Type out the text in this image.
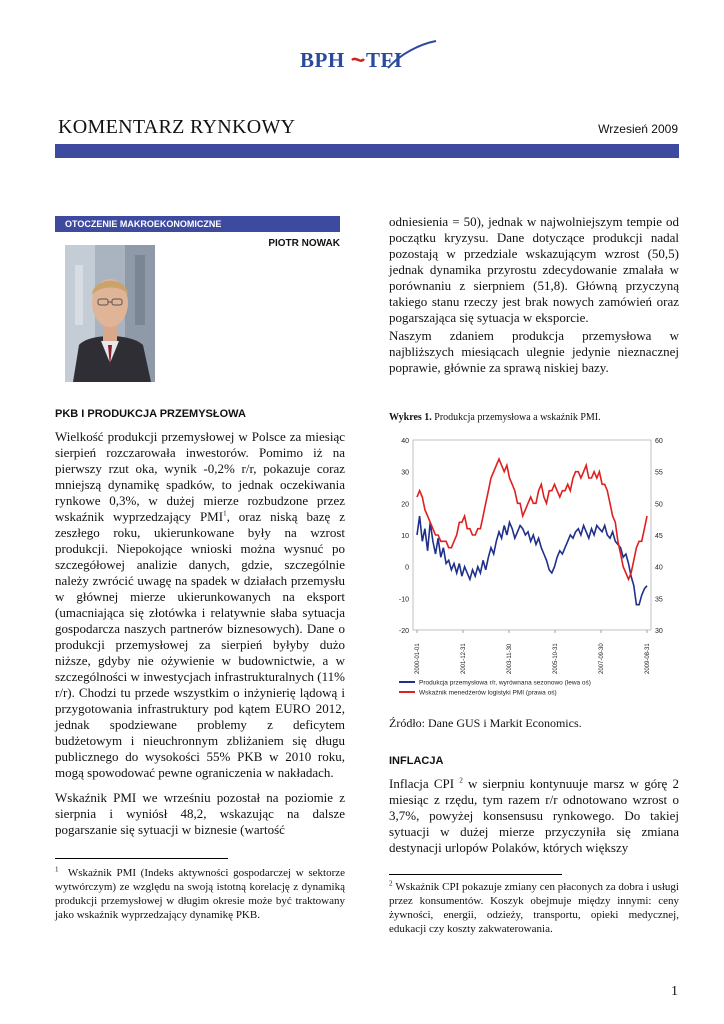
BPH TFI
KOMENTARZ RYNKOWY	Wrzesień 2009
OTOCZENIE MAKROEKONOMICZNE
PIOTR NOWAK
PKB I PRODUKCJA PRZEMYSŁOWA

Wielkość produkcji przemysłowej w Polsce za miesiąc sierpień rozczarowała inwestorów. Pomimo iż na pierwszy rzut oka, wynik -0,2% r/r, pokazuje coraz mniejszą dynamikę spadków, to jednak oczekiwania rynkowe 0,3%, w dużej mierze rozbudzone przez wskaźnik wyprzedzający PMI$^1$, oraz niską bazę z zeszłego roku, ukierunkowane były na wzrost produkcji. Niepokojące wnioski można wysnuć po szczegółowej analizie danych, gdzie, szczególnie należy zwrócić uwagę na spadek w działach przemysłu w głównej mierze ukierunkowanych na eksport (umacniająca się złotówka i relatywnie słaba sytuacja gospodarcza naszych partnerów biznesowych). Dane o produkcji przemysłowej za sierpień byłyby dużo niższe, gdyby nie ożywienie w budownictwie, a w szczególności w inwestycjach infrastrukturalnych (11% r/r). Chodzi tu przede wszystkim o inżynierię lądową i przygotowania infrastruktury pod kątem EURO 2012, jednak spodziewane problemy z deficytem budżetowym i nieuchronnym zbliżaniem się długu publicznego do wysokości 55% PKB w 2010 roku, mogą spowodować pewne ograniczenia w nakładach.

Wskaźnik PMI we wrześniu pozostał na poziomie z sierpnia i wyniósł 48,2, wskazując na dalsze pogarszanie się sytuacji w biznesie (wartość

$^1$ Wskaźnik PMI (Indeks aktywności gospodarczej w sektorze wytwórczym) ze względu na swoją istotną korelację z dynamiką produkcji przemysłowej w długim okresie może być traktowany jako wskaźnik wyprzedzający dynamikę PKB.

odniesienia = 50), jednak w najwolniejszym tempie od początku kryzysu. Dane dotyczące produkcji nadal pozostają w przedziale wskazującym wzrost (50,5) jednak dynamika przyrostu zdecydowanie zmalała w porównaniu z sierpniem (51,8). Główną przyczyną takiego stanu rzeczy jest brak nowych zamówień oraz pogarszająca się sytuacja w eksporcie.

Naszym zdaniem produkcja przemysłowa w najbliższych miesiącach ulegnie jedynie nieznacznej poprawie, głównie za sprawą niskiej bazy.

Wykres 1. Produkcja przemysłowa a wskaźnik PMI.
40
30
20
10
0
-10
-20
60
55
50
45
40
35
30
2000-01-01	2001-12-31	2003-11-30	2005-10-31	2007-09-30	2009-08-31
Produkcja przemysłowa r/r, wyrównana sezonowo (lewa oś)
Wskaźnik menedżerów logistyki PMI (prawa oś)
Źródło: Dane GUS i Markit Economics.
INFLACJA

Inflacja CPI $^2$ w sierpniu kontynuuje marsz w górę 2 miesiąc z rzędu, tym razem r/r odnotowano wzrost o 3,7%, powyżej konsensusu rynkowego. Do takiej sytuacji w dużej mierze przyczyniła się zmiana destynacji urlopów Polaków, których większy

$^2$ Wskaźnik CPI pokazuje zmiany cen płaconych za dobra i usługi przez konsumentów. Koszyk obejmuje między innymi: ceny żywności, energii, odzieży, transportu, opieki medycznej, edukacji czy koszty zakwaterowania.

1
